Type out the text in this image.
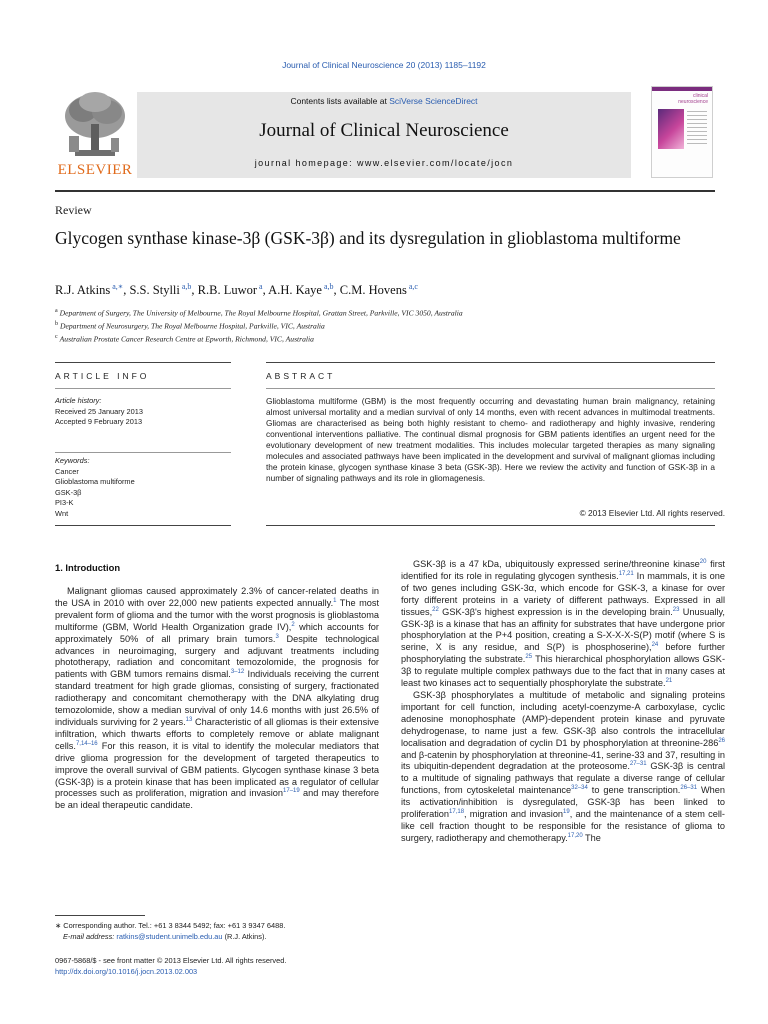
Journal of Clinical Neuroscience 20 (2013) 1185–1192
ELSEVIER
Contents lists available at SciVerse ScienceDirect
Journal of Clinical Neuroscience
journal homepage: www.elsevier.com/locate/jocn
clinical neuroscience
Review
Glycogen synthase kinase-3β (GSK-3β) and its dysregulation in glioblastoma multiforme
R.J. Atkins $^{a,∗}$, S.S. Stylli $^{a,b}$, R.B. Luwor $^a$, A.H. Kaye $^{a,b}$, C.M. Hovens $^{a,c}$
$^a$ Department of Surgery, The University of Melbourne, The Royal Melbourne Hospital, Grattan Street, Parkville, VIC 3050, Australia
$^b$ Department of Neurosurgery, The Royal Melbourne Hospital, Parkville, VIC, Australia
$^c$ Australian Prostate Cancer Research Centre at Epworth, Richmond, VIC, Australia
ARTICLE INFO	ABSTRACT
Article history:
Received 25 January 2013
Accepted 9 February 2013
Keywords:
Cancer
Glioblastoma multiforme
GSK-3β
PI3-K
Wnt
Glioblastoma multiforme (GBM) is the most frequently occurring and devastating human brain malignancy, retaining almost universal mortality and a median survival of only 14 months, even with recent advances in multimodal treatments. Gliomas are characterised as being both highly resistant to chemo- and radiotherapy and highly invasive, rendering conventional interventions palliative. The continual dismal prognosis for GBM patients identifies an urgent need for the evolutionary development of new treatment modalities. This includes molecular targeted therapies as many signaling molecules and associated pathways have been implicated in the development and survival of malignant gliomas including the protein kinase, glycogen synthase kinase 3 beta (GSK-3β). Here we review the activity and function of GSK-3β in a number of signaling pathways and its role in gliomagenesis.
© 2013 Elsevier Ltd. All rights reserved.
1. Introduction

Malignant gliomas caused approximately 2.3% of cancer-related deaths in the USA in 2010 with over 22,000 new patients expected annually.$^1$ The most prevalent form of glioma and the tumor with the worst prognosis is glioblastoma multiforme (GBM, World Health Organization grade IV),$^2$ which accounts for approximately 50% of all primary brain tumors.$^3$ Despite technological advances in neuroimaging, surgery and adjuvant treatments including phototherapy, radiation and concomitant temozolomide, the prognosis for patients with GBM tumors remains dismal.$^{3-12}$ Individuals receiving the current standard treatment for high grade gliomas, consisting of surgery, fractionated radiotherapy and concomitant chemotherapy with the DNA alkylating drug temozolomide, show a median survival of only 14.6 months with just 26.5% of individuals surviving for 2 years.$^{13}$ Characteristic of all gliomas is their extensive infiltration, which thwarts efforts to completely remove or ablate malignant cells.$^{7,14-16}$ For this reason, it is vital to identify the molecular mediators that drive glioma progression for the development of targeted therapeutics to improve the overall survival of GBM patients. Glycogen synthase kinase 3 beta (GSK-3β) is a protein kinase that has been implicated as a regulator of cellular processes such as proliferation, migration and invasion$^{17-19}$ and may therefore be an ideal therapeutic candidate.

GSK-3β is a 47 kDa, ubiquitously expressed serine/threonine kinase$^{20}$ first identified for its role in regulating glycogen synthesis.$^{17,21}$ In mammals, it is one of two genes including GSK-3α, which encode for GSK-3, a kinase for over forty different proteins in a variety of different pathways. Expressed in all tissues,$^{22}$ GSK-3β's highest expression is in the developing brain.$^{23}$ Unusually, GSK-3β is a kinase that has an affinity for substrates that have undergone prior phosphorylation at the P+4 position, creating a S-X-X-X-S(P) motif (where S is serine, X is any residue, and S(P) is phosphoserine),$^{24}$ before further phosphorylating the substrate.$^{25}$ This hierarchical phosphorylation allows GSK-3β to regulate multiple complex pathways due to the fact that in many cases at least two kinases act to sequentially phosphorylate the substrate.$^{21}$

GSK-3β phosphorylates a multitude of metabolic and signaling proteins important for cell function, including acetyl-coenzyme-A carboxylase, cyclic adenosine monophosphate (AMP)-dependent protein kinase and pyruvate dehydrogenase, to name just a few. GSK-3β also controls the intracellular localisation and degradation of cyclin D1 by phosphorylation at threonine-$286^{26}$ and β-catenin by phosphorylation at threonine-41, serine-33 and 37, resulting in its ubiquitin-dependent degradation at the proteosome.$^{27-31}$ GSK-3β is central to a multitude of signaling pathways that regulate a diverse range of cellular functions, from cytoskeletal maintenance$^{32-34}$ to gene transcription.$^{26-31}$ When its activation/inhibition is dysregulated, GSK-3β has been linked to proliferation$^{17,18}$, migration and invasion$^{19}$, and the maintenance of a stem cell-like cell fraction thought to be responsible for the resistance of glioma to surgery, radiotherapy and chemotherapy.$^{17,20}$ The

∗ Corresponding author. Tel.: +61 3 8344 5492; fax: +61 3 9347 6488.
E-mail address: ratkins@student.unimelb.edu.au (R.J. Atkins).
0967-5868/$ - see front matter © 2013 Elsevier Ltd. All rights reserved.
http://dx.doi.org/10.1016/j.jocn.2013.02.003
